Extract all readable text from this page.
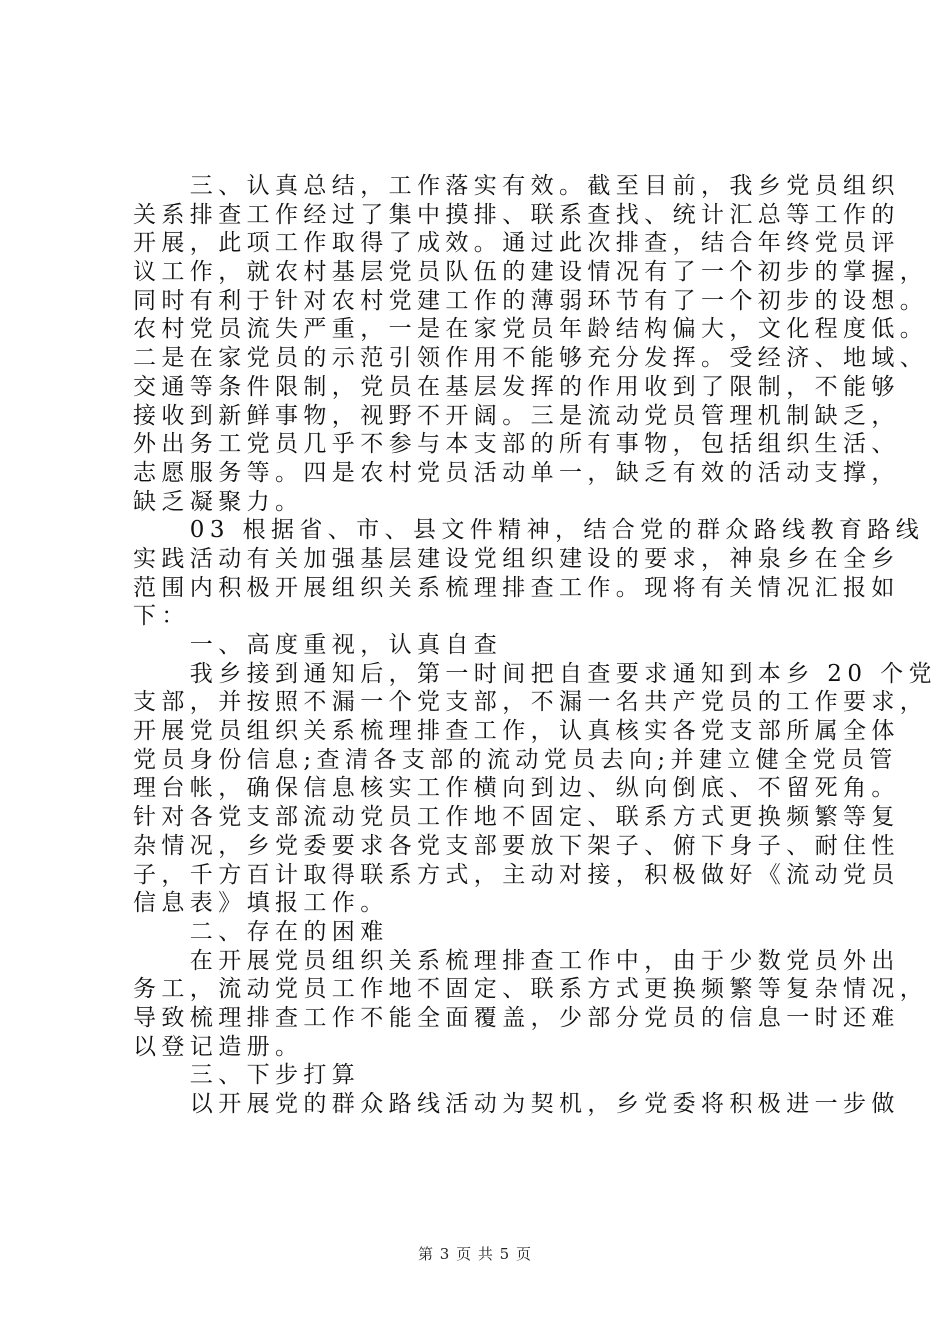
　　三、认真总结，工作落实有效。截至目前，我乡党员组织
关系排查工作经过了集中摸排、联系查找、统计汇总等工作的
开展，此项工作取得了成效。通过此次排查，结合年终党员评
议工作，就农村基层党员队伍的建设情况有了一个初步的掌握，
同时有利于针对农村党建工作的薄弱环节有了一个初步的设想。
农村党员流失严重，一是在家党员年龄结构偏大，文化程度低。
二是在家党员的示范引领作用不能够充分发挥。受经济、地域、
交通等条件限制，党员在基层发挥的作用收到了限制，不能够
接收到新鲜事物，视野不开阔。三是流动党员管理机制缺乏，
外出务工党员几乎不参与本支部的所有事物，包括组织生活、
志愿服务等。四是农村党员活动单一，缺乏有效的活动支撑，
缺乏凝聚力。
　　03 根据省、市、县文件精神，结合党的群众路线教育路线
实践活动有关加强基层建设党组织建设的要求，神泉乡在全乡
范围内积极开展组织关系梳理排查工作。现将有关情况汇报如
下：
　　一、高度重视，认真自查
　　我乡接到通知后，第一时间把自查要求通知到本乡 20 个党
支部，并按照不漏一个党支部，不漏一名共产党员的工作要求，
开展党员组织关系梳理排查工作，认真核实各党支部所属全体
党员身份信息;查清各支部的流动党员去向;并建立健全党员管
理台帐，确保信息核实工作横向到边、纵向倒底、不留死角。
针对各党支部流动党员工作地不固定、联系方式更换频繁等复
杂情况，乡党委要求各党支部要放下架子、俯下身子、耐住性
子，千方百计取得联系方式，主动对接，积极做好《流动党员
信息表》填报工作。
　　二、存在的困难
　　在开展党员组织关系梳理排查工作中，由于少数党员外出
务工，流动党员工作地不固定、联系方式更换频繁等复杂情况，
导致梳理排查工作不能全面覆盖，少部分党员的信息一时还难
以登记造册。
　　三、下步打算
　　以开展党的群众路线活动为契机，乡党委将积极进一步做
第 3 页 共 5 页
